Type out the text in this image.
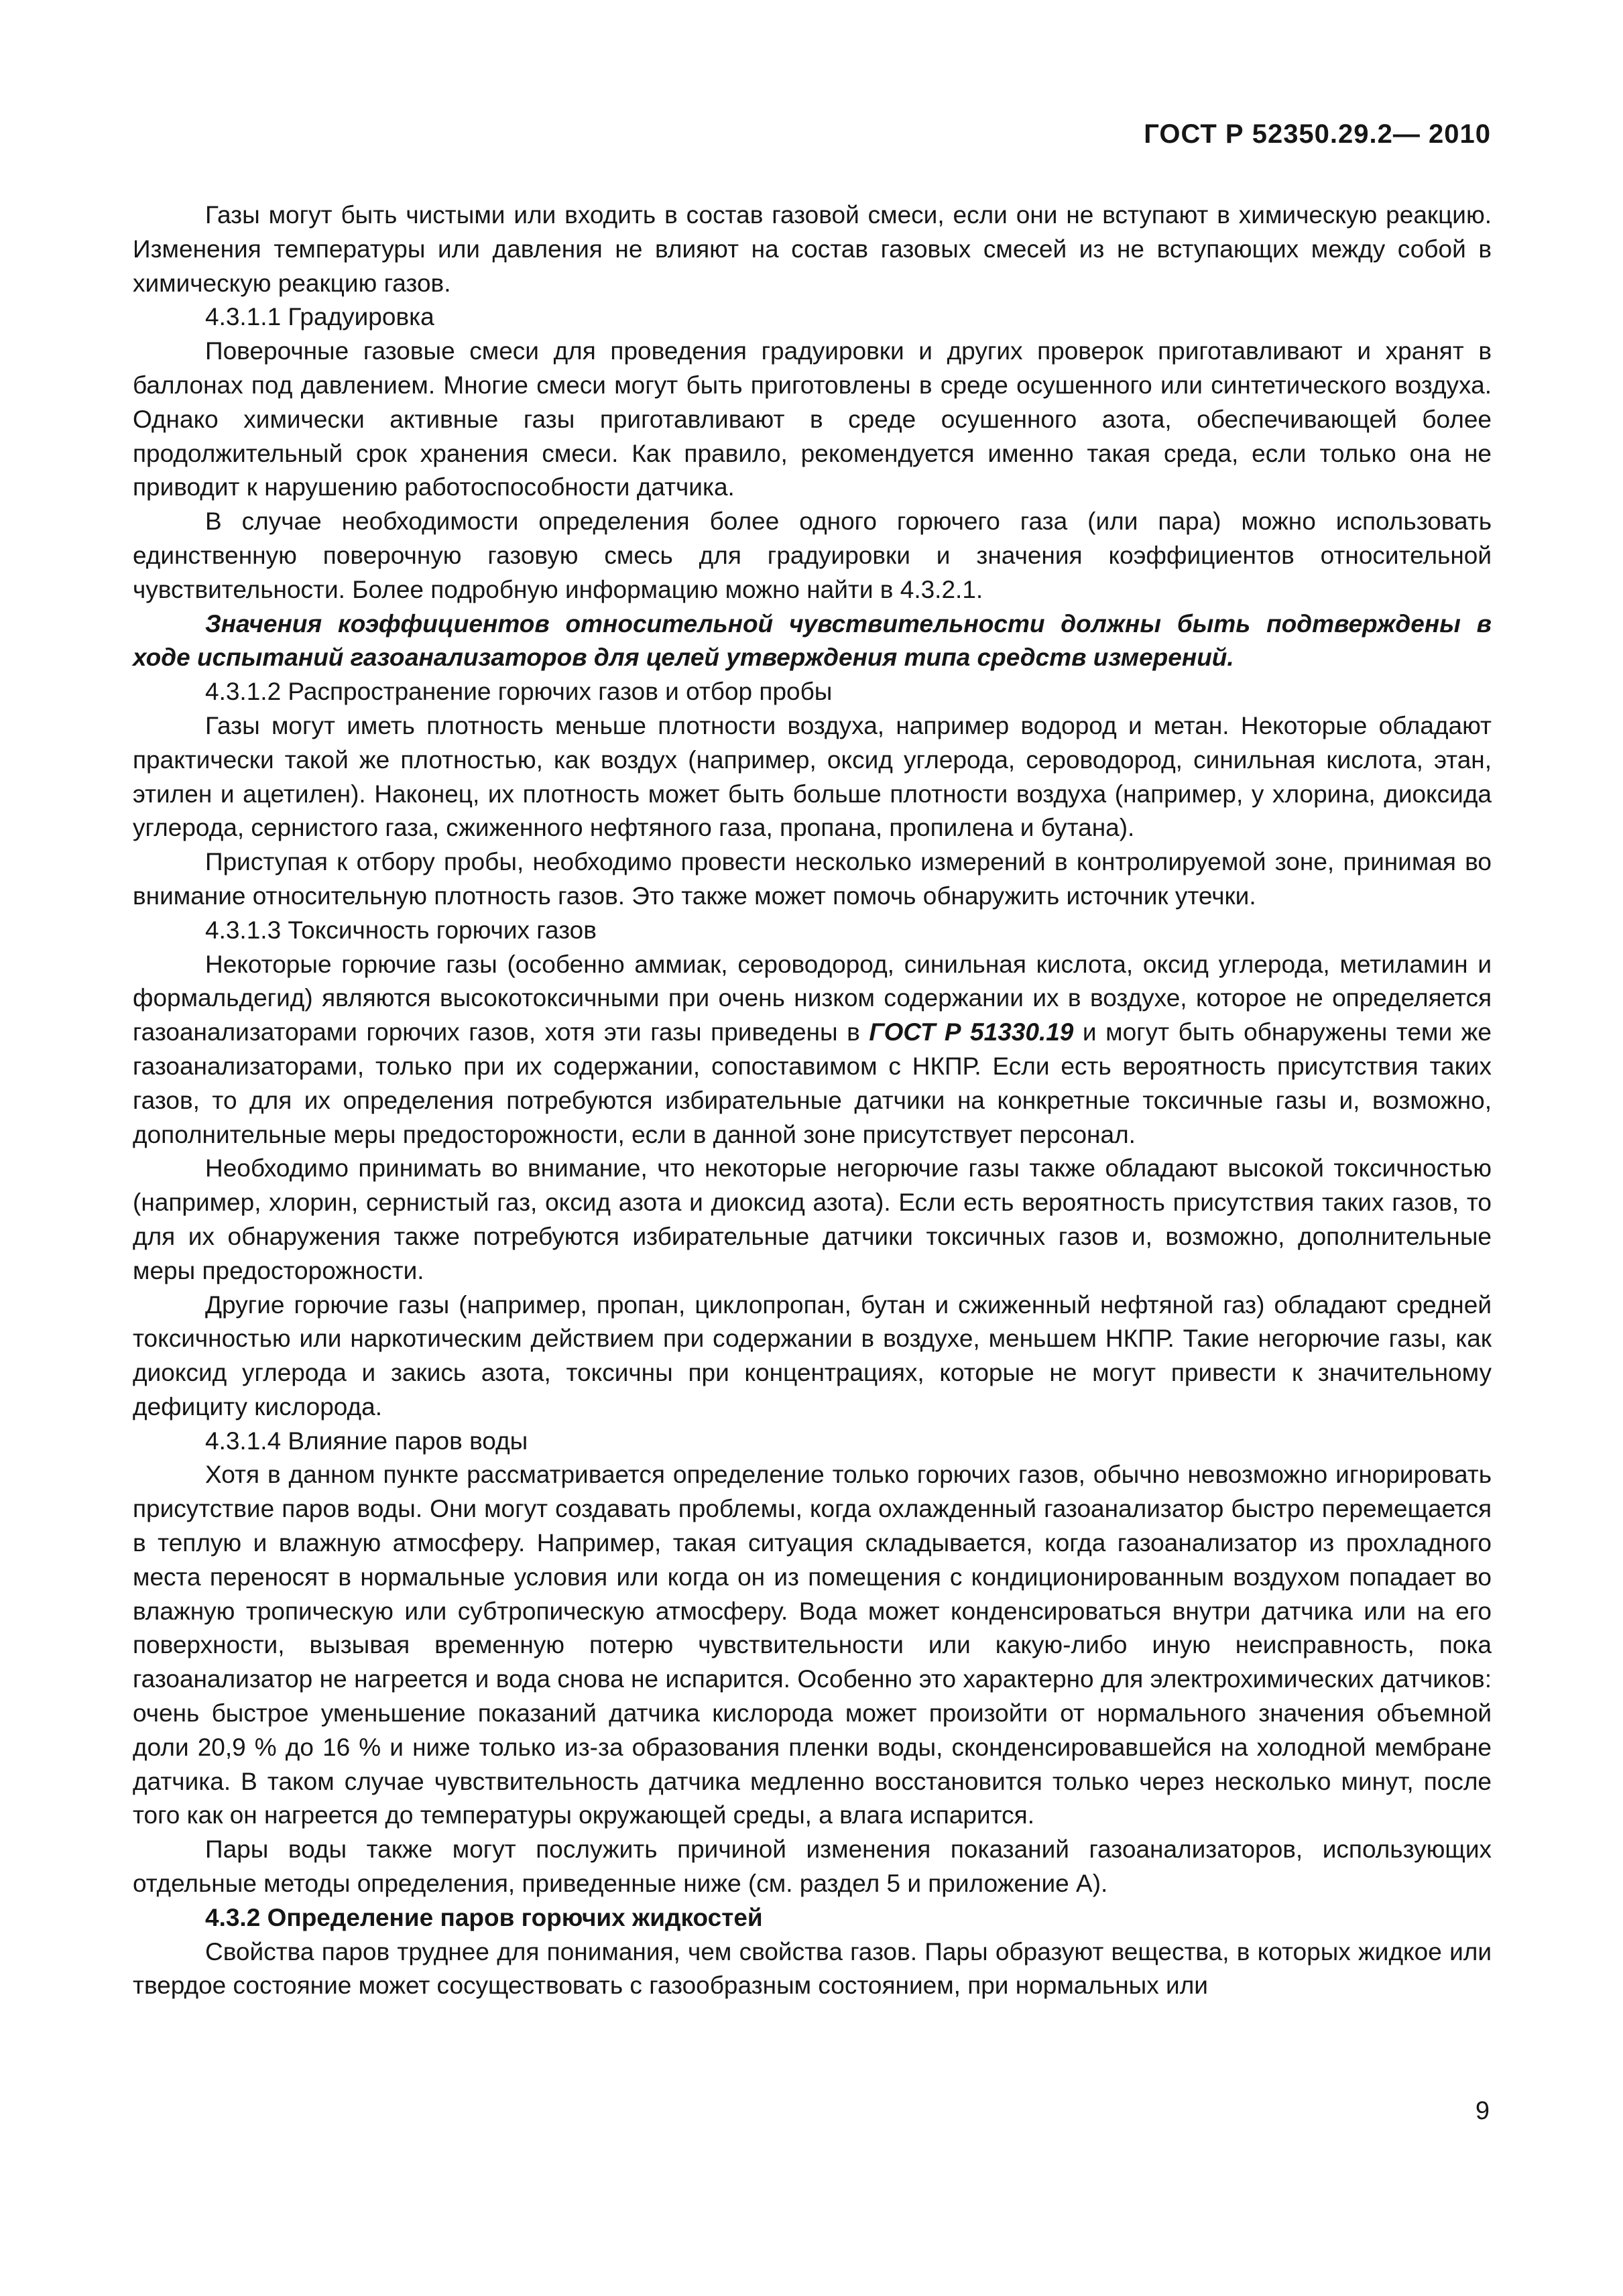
ГОСТ Р 52350.29.2— 2010

Газы могут быть чистыми или входить в состав газовой смеси, если они не вступают в химическую реакцию. Изменения температуры или давления не влияют на состав газовых смесей из не вступающих между собой в химическую реакцию газов.

4.3.1.1 Градуировка

Поверочные газовые смеси для проведения градуировки и других проверок приготавливают и хранят в баллонах под давлением. Многие смеси могут быть приготовлены в среде осушенного или синтетического воздуха. Однако химически активные газы приготавливают в среде осушенного азота, обеспечивающей более продолжительный срок хранения смеси. Как правило, рекомендуется именно такая среда, если только она не приводит к нарушению работоспособности датчика.

В случае необходимости определения более одного горючего газа (или пара) можно использовать единственную поверочную газовую смесь для градуировки и значения коэффициентов относительной чувствительности. Более подробную информацию можно найти в 4.3.2.1.

Значения коэффициентов относительной чувствительности должны быть подтверждены в ходе испытаний газоанализаторов для целей утверждения типа средств измерений.

4.3.1.2 Распространение горючих газов и отбор пробы

Газы могут иметь плотность меньше плотности воздуха, например водород и метан. Некоторые обладают практически такой же плотностью, как воздух (например, оксид углерода, сероводород, синильная кислота, этан, этилен и ацетилен). Наконец, их плотность может быть больше плотности воздуха (например, у хлорина, диоксида углерода, сернистого газа, сжиженного нефтяного газа, пропана, пропилена и бутана).

Приступая к отбору пробы, необходимо провести несколько измерений в контролируемой зоне, принимая во внимание относительную плотность газов. Это также может помочь обнаружить источник утечки.

4.3.1.3 Токсичность горючих газов

Некоторые горючие газы (особенно аммиак, сероводород, синильная кислота, оксид углерода, метиламин и формальдегид) являются высокотоксичными при очень низком содержании их в воздухе, которое не определяется газоанализаторами горючих газов, хотя эти газы приведены в ГОСТ Р 51330.19 и могут быть обнаружены теми же газоанализаторами, только при их содержании, сопоставимом с НКПР. Если есть вероятность присутствия таких газов, то для их определения потребуются избирательные датчики на конкретные токсичные газы и, возможно, дополнительные меры предосторожности, если в данной зоне присутствует персонал.

Необходимо принимать во внимание, что некоторые негорючие газы также обладают высокой токсичностью (например, хлорин, сернистый газ, оксид азота и диоксид азота). Если есть вероятность присутствия таких газов, то для их обнаружения также потребуются избирательные датчики токсичных газов и, возможно, дополнительные меры предосторожности.

Другие горючие газы (например, пропан, циклопропан, бутан и сжиженный нефтяной газ) обладают средней токсичностью или наркотическим действием при содержании в воздухе, меньшем НКПР. Такие негорючие газы, как диоксид углерода и закись азота, токсичны при концентрациях, которые не могут привести к значительному дефициту кислорода.

4.3.1.4 Влияние паров воды

Хотя в данном пункте рассматривается определение только горючих газов, обычно невозможно игнорировать присутствие паров воды. Они могут создавать проблемы, когда охлажденный газоанализатор быстро перемещается в теплую и влажную атмосферу. Например, такая ситуация складывается, когда газоанализатор из прохладного места переносят в нормальные условия или когда он из помещения с кондиционированным воздухом попадает во влажную тропическую или субтропическую атмосферу. Вода может конденсироваться внутри датчика или на его поверхности, вызывая временную потерю чувствительности или какую-либо иную неисправность, пока газоанализатор не нагреется и вода снова не испарится. Особенно это характерно для электрохимических датчиков: очень быстрое уменьшение показаний датчика кислорода может произойти от нормального значения объемной доли 20,9 % до 16 % и ниже только из-за образования пленки воды, сконденсировавшейся на холодной мембране датчика. В таком случае чувствительность датчика медленно восстановится только через несколько минут, после того как он нагреется до температуры окружающей среды, а влага испарится.

Пары воды также могут послужить причиной изменения показаний газоанализаторов, использующих отдельные методы определения, приведенные ниже (см. раздел 5 и приложение А).

4.3.2 Определение паров горючих жидкостей

Свойства паров труднее для понимания, чем свойства газов. Пары образуют вещества, в которых жидкое или твердое состояние может сосуществовать с газообразным состоянием, при нормальных или

9
